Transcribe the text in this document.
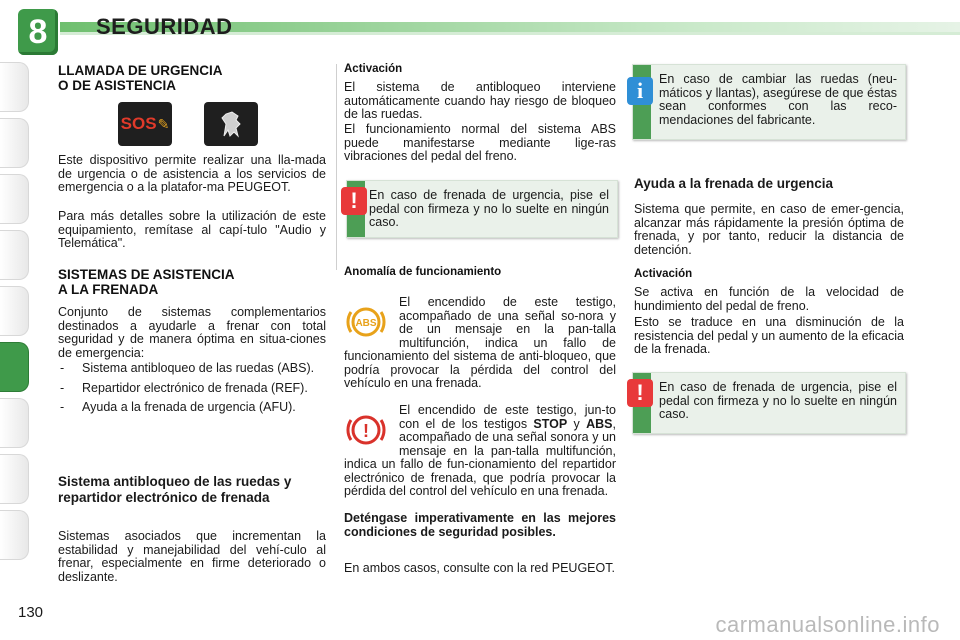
8	SEGURIDAD
LLAMADA DE URGENCIA
O DE ASISTENCIA
SOS ✎
Este dispositivo permite realizar una lla-mada de urgencia o de asistencia a los servicios de emergencia o a la platafor-ma PEUGEOT.
Para más detalles sobre la utilización de este equipamiento, remítase al capí-tulo "Audio y Telemática".
SISTEMAS DE ASISTENCIA
A LA FRENADA
Conjunto de sistemas complementarios destinados a ayudarle a frenar con total seguridad y de manera óptima en situa-ciones de emergencia:
- Sistema antibloqueo de las ruedas (ABS).
- Repartidor electrónico de frenada (REF).
- Ayuda a la frenada de urgencia (AFU).
Sistema antibloqueo de las ruedas y repartidor electrónico de frenada
Sistemas asociados que incrementan la estabilidad y manejabilidad del vehí-culo al frenar, especialmente en firme deteriorado o deslizante.
Activación
El sistema de antibloqueo interviene automáticamente cuando hay riesgo de bloqueo de las ruedas.
El funcionamiento normal del sistema ABS puede manifestarse mediante lige-ras vibraciones del pedal del freno.
! En caso de frenada de urgencia, pise el pedal con firmeza y no lo suelte en ningún caso.
Anomalía de funcionamiento
ABS
El encendido de este testigo, acompañado de una señal so-nora y de un mensaje en la pan-talla multifunción, indica un fallo de funcionamiento del sistema de anti-bloqueo, que podría provocar la pérdida del control del vehículo en una frenada.
!
El encendido de este testigo, jun-to con el de los testigos STOP y ABS, acompañado de una señal sonora y un mensaje en la pan-talla multifunción, indica un fallo de fun-cionamiento del repartidor electrónico de frenada, que podría provocar la pérdida del control del vehículo en una frenada.
Deténgase imperativamente en las mejores condiciones de seguridad posibles.
En ambos casos, consulte con la red PEUGEOT.
i	En caso de cambiar las ruedas (neu-máticos y llantas), asegúrese de que éstas sean conformes con las reco-mendaciones del fabricante.
Ayuda a la frenada de urgencia
Sistema que permite, en caso de emer-gencia, alcanzar más rápidamente la presión óptima de frenada, y por tanto, reducir la distancia de detención.
Activación
Se activa en función de la velocidad de hundimiento del pedal de freno.
Esto se traduce en una disminución de la resistencia del pedal y un aumento de la eficacia de la frenada.
!	En caso de frenada de urgencia, pise el pedal con firmeza y no lo suelte en ningún caso.
130	carmanualsonline.info
